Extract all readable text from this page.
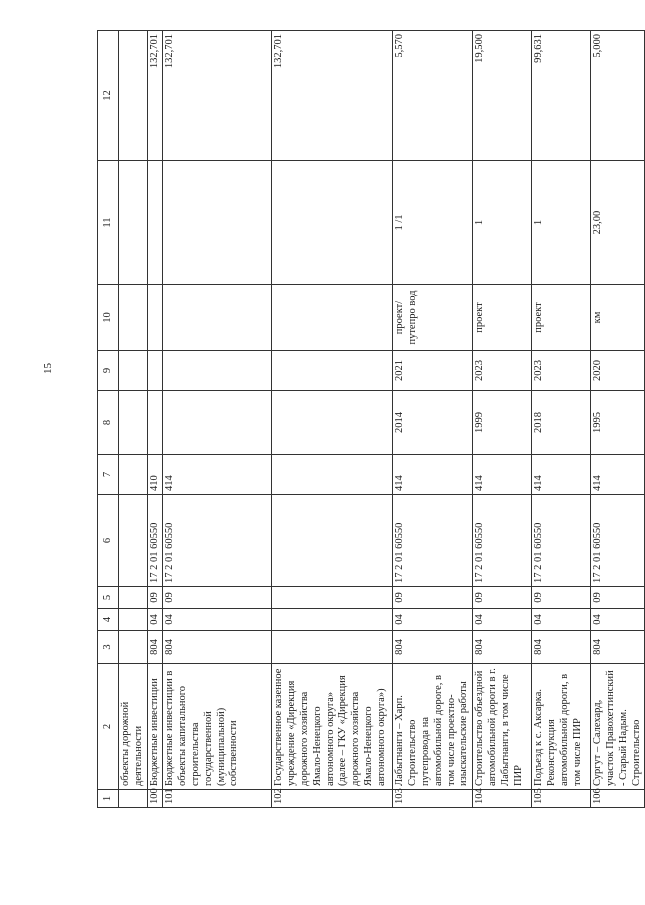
15
1	2	3	4	5	6	7	8	9	10	11	12
	объекты дорожной деятельности										
100	Бюджетные инвестиции	804	04	09	17 2 01 60550	410					132,701
101	Бюджетные инвестиции в объекты капитального строительства государственной (муниципальной) собственности	804	04	09	17 2 01 60550	414					132,701
102	Государственное казенное учреждение «Дирекция дорожного хозяйства Ямало-Ненецкого автономного округа» (далее – ГКУ «Дирекция дорожного хозяйства Ямало-Ненецкого автономного округа»)										132,701
103	Лабытнанги – Харп. Строительство путепровода на автомобильной дороге, в том числе проектно-изыскательские работы	804	04	09	17 2 01 60550	414	2014	2021	проект/ путепро вод	1 /1	5,570
104	Строительство объездной автомобильной дороги в г. Лабытнанги, в том числе ПИР	804	04	09	17 2 01 60550	414	1999	2023	проект	1	19,500
105	Подъезд к с. Аксарка. Реконструкция автомобильной дороги, в том числе ПИР	804	04	09	17 2 01 60550	414	2018	2023	проект	1	99,631
106	Сургут – Салехард, участок Правохеттинский - Старый Надым. Строительство	804	04	09	17 2 01 60550	414	1995	2020	км	23,00	5,000
